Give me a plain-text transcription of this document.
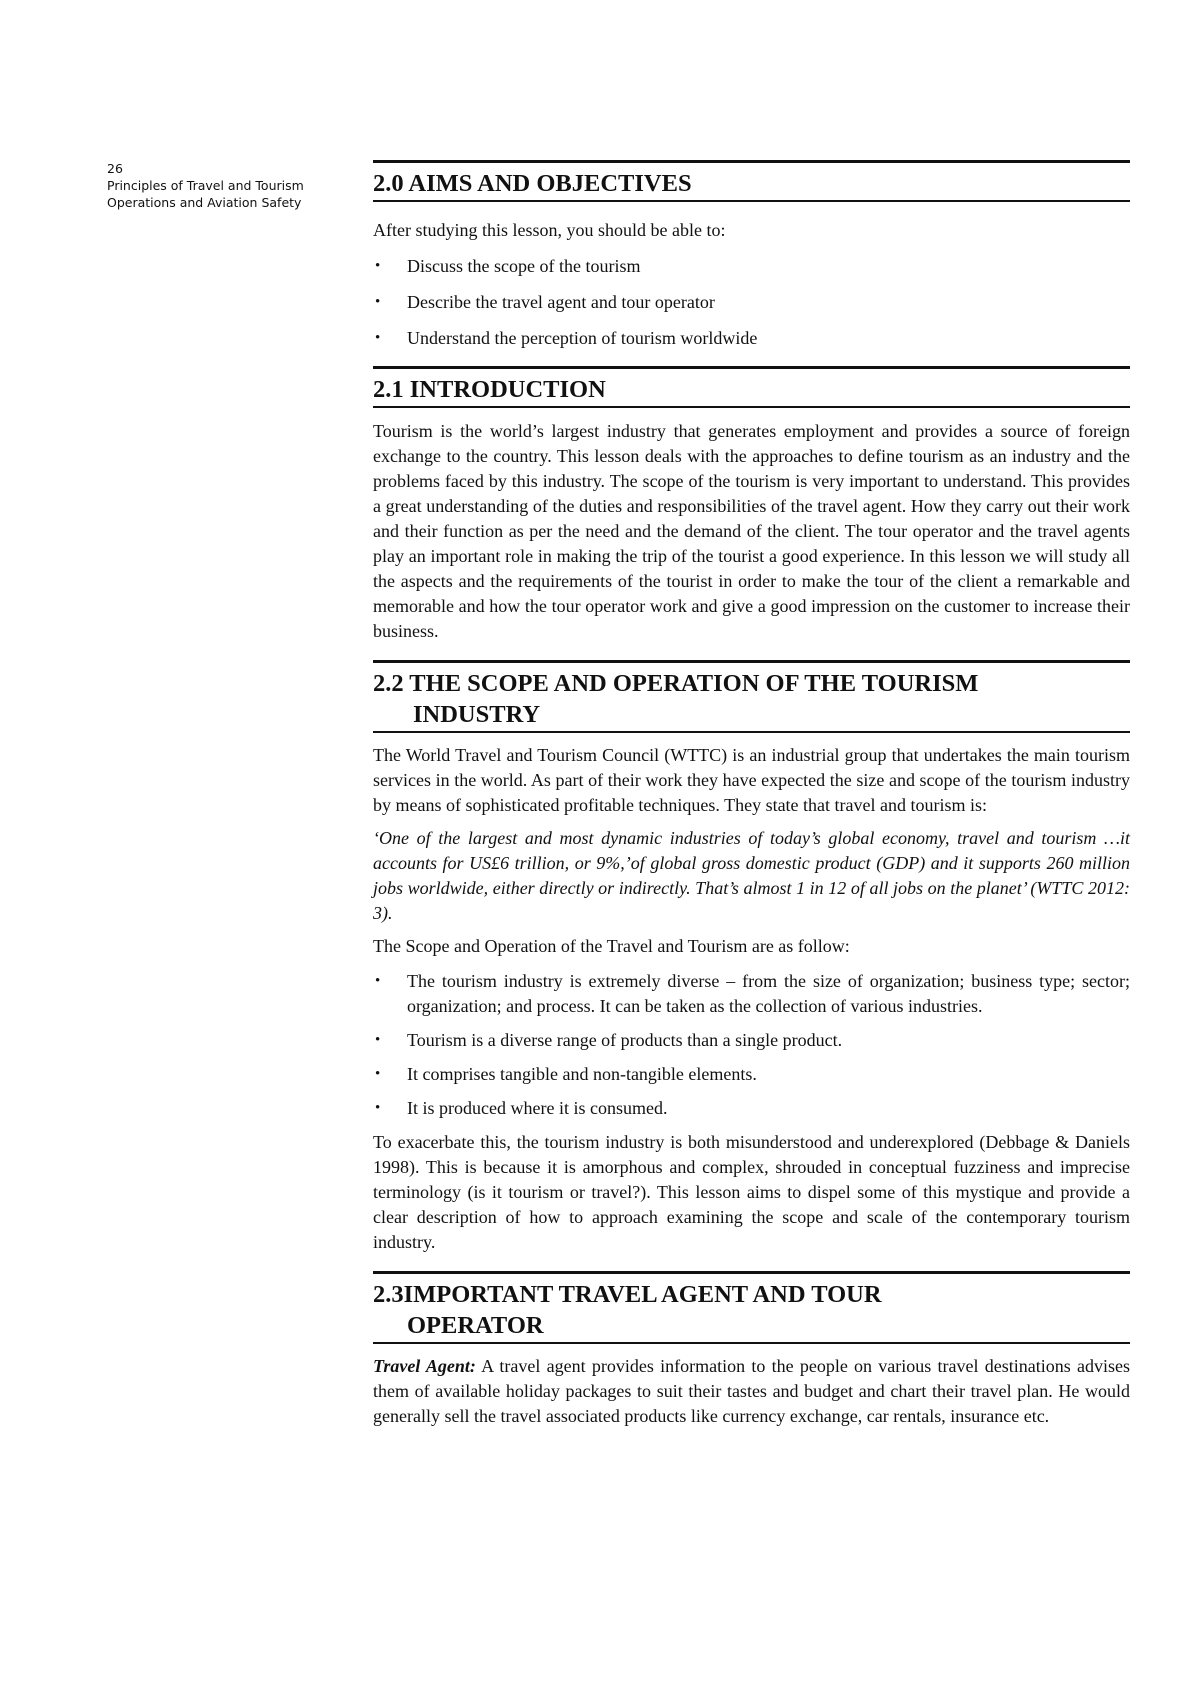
26
Principles of Travel and Tourism
Operations and Aviation Safety
2.0 AIMS AND OBJECTIVES

After studying this lesson, you should be able to:

• Discuss the scope of the tourism
• Describe the travel agent and tour operator
• Understand the perception of tourism worldwide
2.1 INTRODUCTION

Tourism is the world’s largest industry that generates employment and provides a source of foreign exchange to the country. This lesson deals with the approaches to define tourism as an industry and the problems faced by this industry. The scope of the tourism is very important to understand. This provides a great understanding of the duties and responsibilities of the travel agent. How they carry out their work and their function as per the need and the demand of the client. The tour operator and the travel agents play an important role in making the trip of the tourist a good experience. In this lesson we will study all the aspects and the requirements of the tourist in order to make the tour of the client a remarkable and memorable and how the tour operator work and give a good impression on the customer to increase their business.

2.2 THE SCOPE AND OPERATION OF THE TOURISM
INDUSTRY

The World Travel and Tourism Council (WTTC) is an industrial group that undertakes the main tourism services in the world. As part of their work they have expected the size and scope of the tourism industry by means of sophisticated profitable techniques. They state that travel and tourism is:

‘One of the largest and most dynamic industries of today’s global economy, travel and tourism …it accounts for US£6 trillion, or 9%,’of global gross domestic product (GDP) and it supports 260 million jobs worldwide, either directly or indirectly. That’s almost 1 in 12 of all jobs on the planet’ (WTTC 2012: 3).

The Scope and Operation of the Travel and Tourism are as follow:

• The tourism industry is extremely diverse – from the size of organization; business type; sector; organization; and process. It can be taken as the collection of various industries.
• Tourism is a diverse range of products than a single product.
• It comprises tangible and non-tangible elements.
• It is produced where it is consumed.

To exacerbate this, the tourism industry is both misunderstood and underexplored (Debbage & Daniels 1998). This is because it is amorphous and complex, shrouded in conceptual fuzziness and imprecise terminology (is it tourism or travel?). This lesson aims to dispel some of this mystique and provide a clear description of how to approach examining the scope and scale of the contemporary tourism industry.

2.3IMPORTANT TRAVEL AGENT AND TOUR
OPERATOR

Travel Agent: A travel agent provides information to the people on various travel destinations advises them of available holiday packages to suit their tastes and budget and chart their travel plan. He would generally sell the travel associated products like currency exchange, car rentals, insurance etc.
